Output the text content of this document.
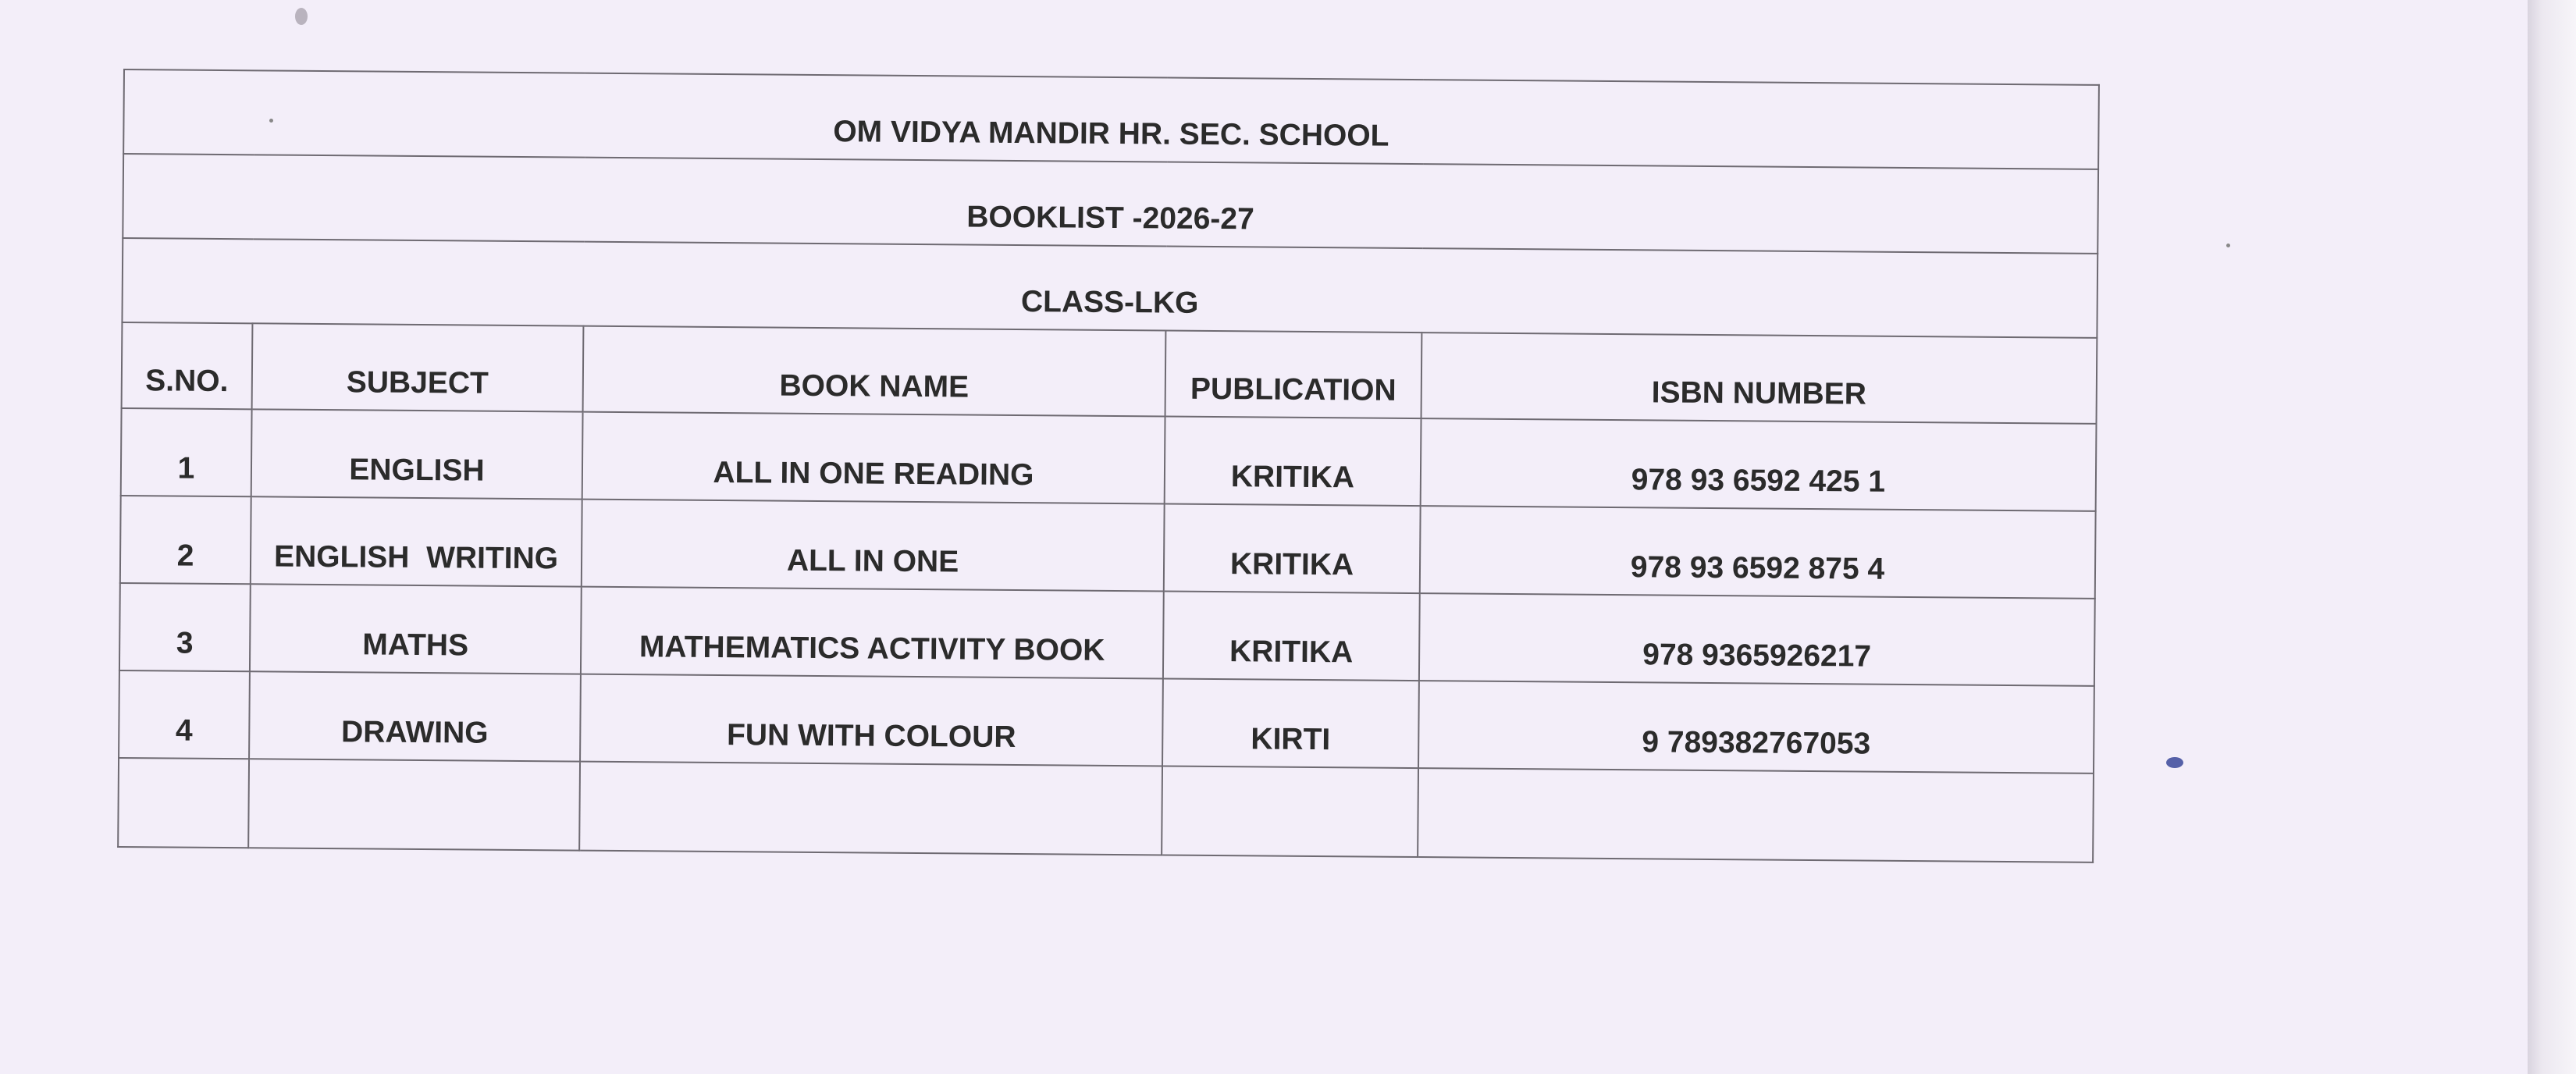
OM VIDYA MANDIR HR. SEC. SCHOOL				
BOOKLIST -2026-27				
CLASS-LKG				
S.NO.	SUBJECT	BOOK NAME	PUBLICATION	ISBN NUMBER
1	ENGLISH	ALL IN ONE READING	KRITIKA	978 93 6592 425 1
2	ENGLISH  WRITING	ALL IN ONE	KRITIKA	978 93 6592 875 4
3	MATHS	MATHEMATICS ACTIVITY BOOK	KRITIKA	978 9365926217
4	DRAWING	FUN WITH COLOUR	KIRTI	9 789382767053
